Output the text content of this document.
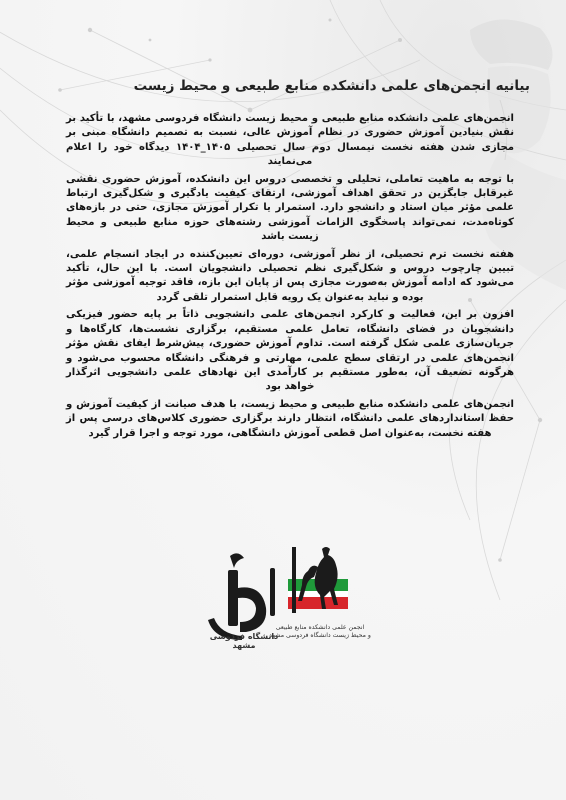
بیانیه انجمن‌های علمی دانشکده منابع طبیعی و محیط زیست

انجمن‌های علمی دانشکده منابع طبیعی و محیط زیست دانشگاه فردوسی مشهد، با تأکید بر نقش بنیادین آموزش حضوری در نظام آموزش عالی، نسبت به تصمیم دانشگاه مبنی بر مجازی شدن هفته نخست نیمسال دوم سال تحصیلی ۱۴۰۵_۱۴۰۴ دیدگاه خود را اعلام می‌نمایند

با توجه به ماهیت تعاملی، تحلیلی و تخصصی دروس این دانشکده، آموزش حضوری نقشی غیرقابل جایگزین در تحقق اهداف آموزشی، ارتقای کیفیت یادگیری و شکل‌گیری ارتباط علمی مؤثر میان استاد و دانشجو دارد. استمرار یا تکرار آموزش مجازی، حتی در بازه‌های کوتاه‌مدت، نمی‌تواند پاسخگوی الزامات آموزشی رشته‌های حوزه منابع طبیعی و محیط زیست باشد

هفته نخست ترم تحصیلی، از نظر آموزشی، دوره‌ای تعیین‌کننده در ایجاد انسجام علمی، تبیین چارچوب دروس و شکل‌گیری نظم تحصیلی دانشجویان است. با این حال، تأکید می‌شود که ادامه آموزش به‌صورت مجازی پس از پایان این بازه، فاقد توجیه آموزشی مؤثر بوده و نباید به‌عنوان یک رویه قابل استمرار تلقی گردد

افزون بر این، فعالیت و کارکرد انجمن‌های علمی دانشجویی ذاتاً بر پایه حضور فیزیکی دانشجویان در فضای دانشگاه، تعامل علمی مستقیم، برگزاری نشست‌ها، کارگاه‌ها و جریان‌سازی علمی شکل گرفته است. تداوم آموزش حضوری، پیش‌شرط ایفای نقش مؤثر انجمن‌های علمی در ارتقای سطح علمی، مهارتی و فرهنگی دانشگاه محسوب می‌شود و هرگونه تضعیف آن، به‌طور مستقیم بر کارآمدی این نهادهای علمی دانشجویی اثرگذار خواهد بود

انجمن‌های علمی دانشکده منابع طبیعی و محیط زیست، با هدف صیانت از کیفیت آموزش و حفظ استانداردهای علمی دانشگاه، انتظار دارند برگزاری حضوری کلاس‌های درسی پس از هفته نخست، به‌عنوان اصل قطعی آموزش دانشگاهی، مورد توجه و اجرا قرار گیرد

دانشگاه فردوسی مشهد
انجمن علمی دانشکده منابع طبیعی
و محیط زیست دانشگاه فردوسی مشهد
